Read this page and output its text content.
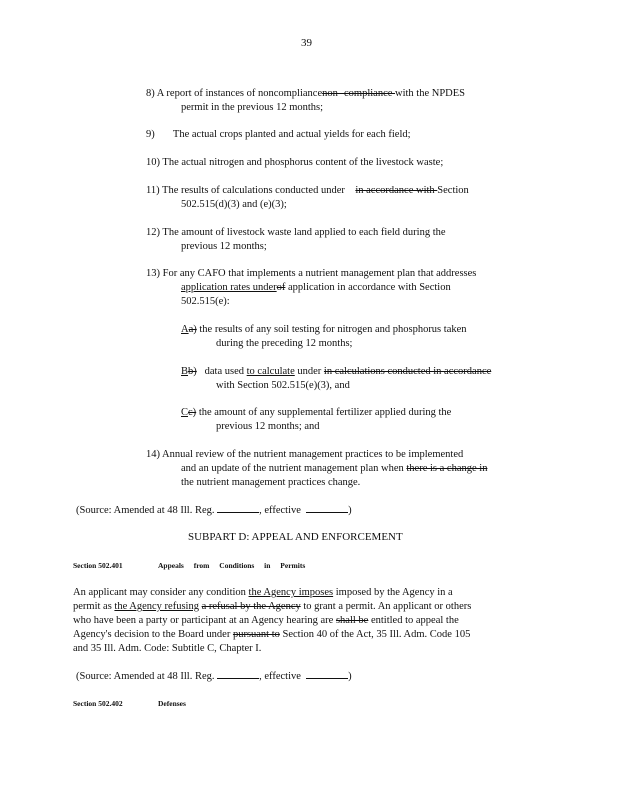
39
8) A report of instances of noncompliancenon- compliance with the NPDES
permit in the previous 12 months;
9)       The actual crops planted and actual yields for each field;
10) The actual nitrogen and phosphorus content of the livestock waste;
11) The results of calculations conducted under in accordance with Section
502.515(d)(3) and (e)(3);
12) The amount of livestock waste land applied to each field during the
previous 12 months;
13) For any CAFO that implements a nutrient management plan that addresses
application rates underof application in accordance with Section
502.515(e):
Aa) the results of any soil testing for nitrogen and phosphorus taken
during the preceding 12 months;
Bb) data used to calculate under in calculations conducted in accordance
with Section 502.515(e)(3), and
Cc) the amount of any supplemental fertilizer applied during the
previous 12 months; and
14) Annual review of the nutrient management practices to be implemented
and an update of the nutrient management plan when there is a change in
the nutrient management practices change.
(Source: Amended at 48 Ill. Reg.	, effective	)
SUBPART D: APPEAL AND ENFORCEMENT
Section 502.401	Appeals from Conditions in Permits
An applicant may consider any condition the Agency imposes imposed by the Agency in a
permit as the Agency refusing a refusal by the Agency to grant a permit. An applicant or others
who have been a party or participant at an Agency hearing are shall be entitled to appeal the
Agency's decision to the Board under pursuant to Section 40 of the Act, 35 Ill. Adm. Code 105
and 35 Ill. Adm. Code: Subtitle C, Chapter I.
(Source: Amended at 48 Ill. Reg.	, effective	)
Section 502.402	Defenses
